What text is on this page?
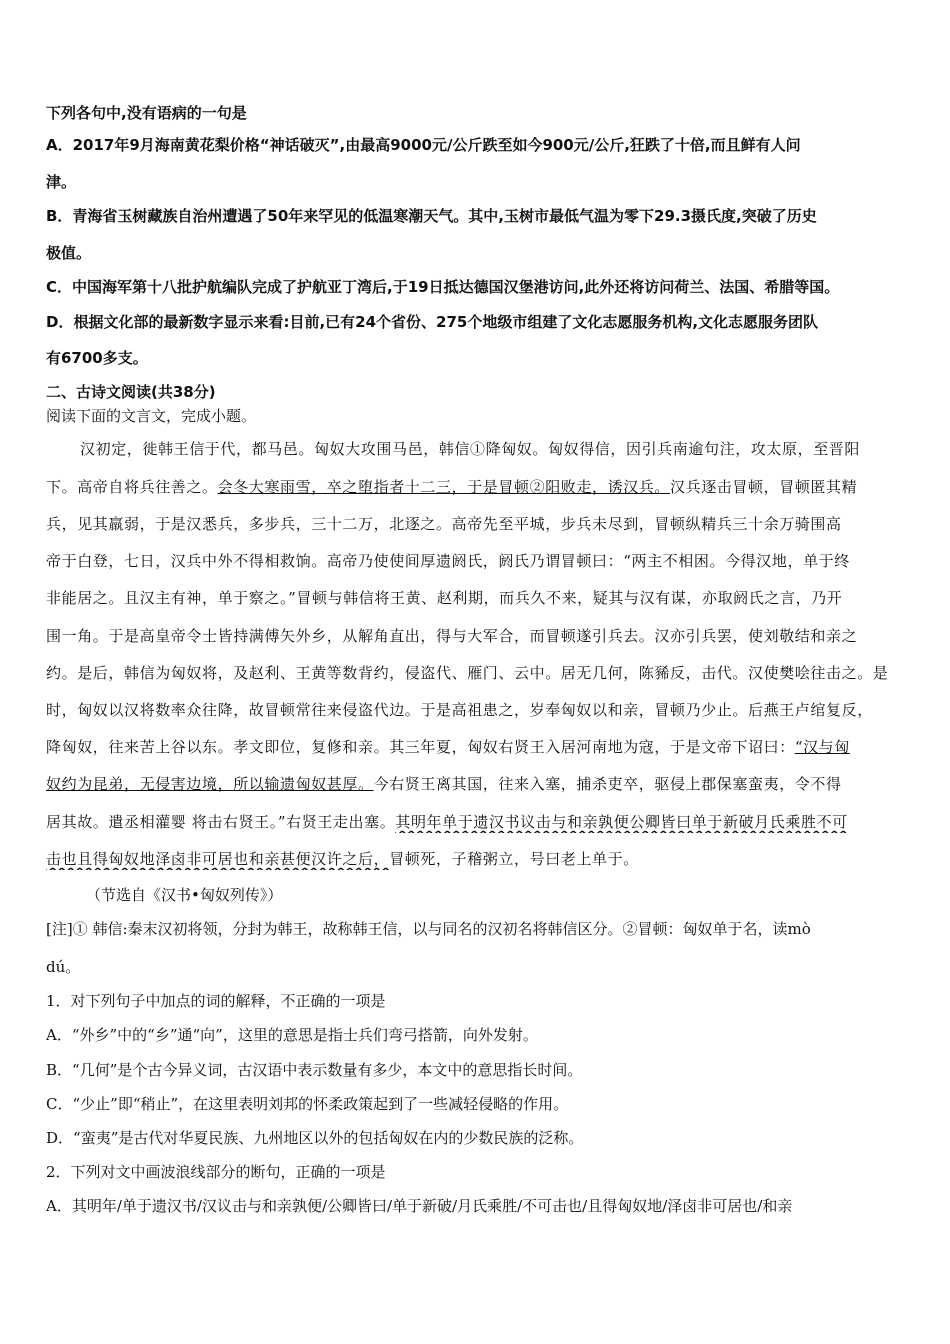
下列各句中,没有语病的一句是
A．2017年9月海南黄花梨价格“神话破灭”,由最高9000元/公斤跌至如今900元/公斤,狂跌了十倍,而且鲜有人问
津。
B．青海省玉树藏族自治州遭遇了50年来罕见的低温寒潮天气。其中,玉树市最低气温为零下29.3摄氏度,突破了历史
极值。
C．中国海军第十八批护航编队完成了护航亚丁湾后,于19日抵达德国汉堡港访问,此外还将访问荷兰、法国、希腊等国。
D．根据文化部的最新数字显示来看:目前,已有24个省份、275个地级市组建了文化志愿服务机构,文化志愿服务团队
有6700多支。
二、古诗文阅读(共38分)
阅读下面的文言文，完成小题。
汉初定，徙韩王信于代，都马邑。匈奴大攻围马邑，韩信①降匈奴。匈奴得信，因引兵南逾句注，攻太原，至晋阳
下。高帝自将兵往善之。会冬大寒雨雪，卒之堕指者十二三，于是冒顿②阳败走，诱汉兵。汉兵逐击冒顿，冒顿匿其精
兵，见其羸弱，于是汉悉兵，多步兵，三十二万，北逐之。高帝先至平城，步兵未尽到，冒顿纵精兵三十余万骑围高
帝于白登，七日，汉兵中外不得相救饷。高帝乃使使间厚遗阏氏，阏氏乃谓冒顿曰：“两主不相困。今得汉地，单于终
非能居之。且汉主有神，单于察之。”冒顿与韩信将王黄、赵利期，而兵久不来，疑其与汉有谋，亦取阏氏之言，乃开
围一角。于是高皇帝令士皆持满傅矢外乡，从解角直出，得与大军合，而冒顿遂引兵去。汉亦引兵罢，使刘敬结和亲之
约。是后，韩信为匈奴将，及赵利、王黄等数背约，侵盗代、雁门、云中。居无几何，陈豨反，击代。汉使樊哙往击之。是
时，匈奴以汉将数率众往降，故冒顿常往来侵盗代边。于是高祖患之，岁奉匈奴以和亲，冒顿乃少止。后燕王卢绾复反，
降匈奴，往来苦上谷以东。孝文即位，复修和亲。其三年夏，匈奴右贤王入居河南地为寇，于是文帝下诏曰：“汉与匈
奴约为昆弟，无侵害边境，所以输遗匈奴甚厚。今右贤王离其国，往来入塞，捕杀吏卒，驱侵上郡保塞蛮夷，令不得
居其故。遣丞相灌婴 将击右贤王。”右贤王走出塞。其明年单于遗汉书议击与和亲孰便公卿皆曰单于新破月氏乘胜不可
击也且得匈奴地泽卤非可居也和亲甚便汉许之后，冒顿死，子稽粥立，号曰老上单于。
（节选自《汉书•匈奴列传》）
[注]① 韩信:秦末汉初将领，分封为韩王，故称韩王信，以与同名的汉初名将韩信区分。②冒顿：匈奴单于名，读mò
dú。
1．对下列句子中加点的词的解释，不正确的一项是
A．“外乡”中的“乡”通“向”，这里的意思是指士兵们弯弓搭箭，向外发射。
B．“几何”是个古今异义词，古汉语中表示数量有多少，本文中的意思指长时间。
C．“少止”即“稍止”，在这里表明刘邦的怀柔政策起到了一些减轻侵略的作用。
D．“蛮夷”是古代对华夏民族、九州地区以外的包括匈奴在内的少数民族的泛称。
2．下列对文中画波浪线部分的断句，正确的一项是
A．其明年/单于遗汉书/汉议击与和亲孰便/公卿皆曰/单于新破/月氏乘胜/不可击也/且得匈奴地/泽卤非可居也/和亲
